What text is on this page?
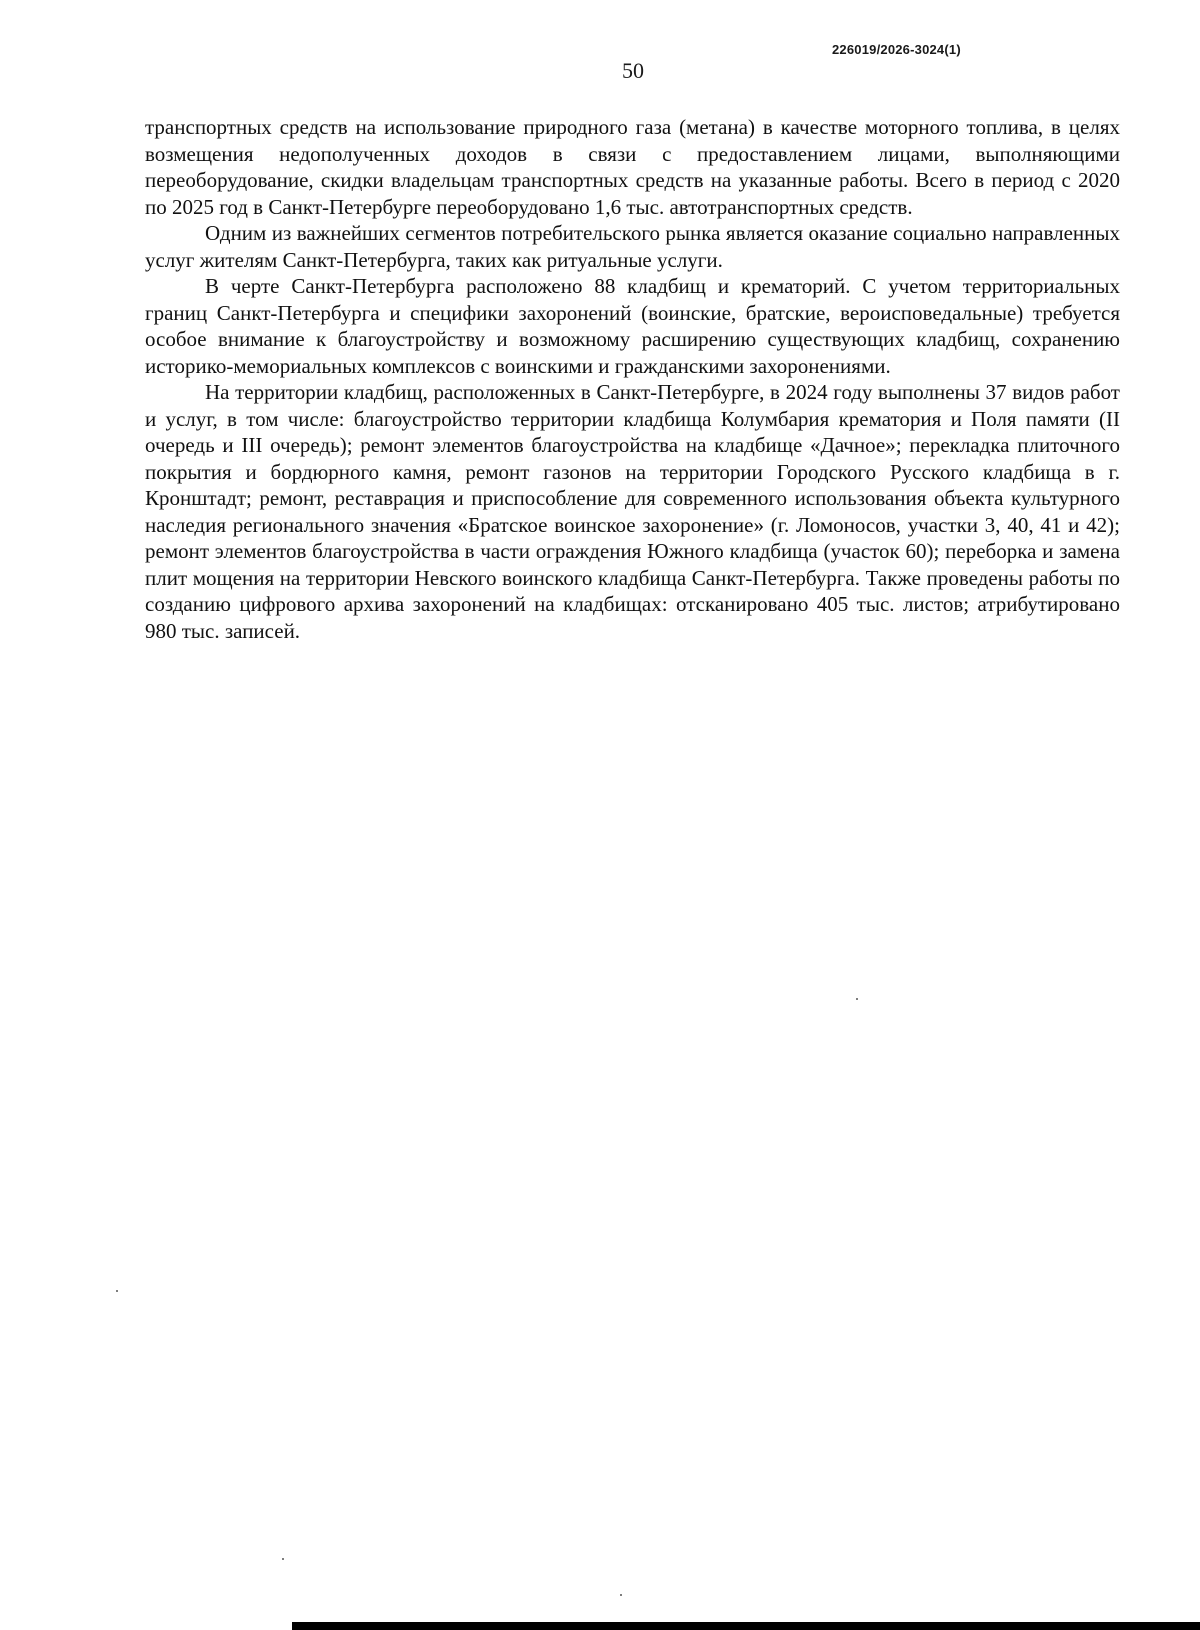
226019/2026-3024(1)
50

транспортных средств на использование природного газа (метана) в качестве моторного топлива, в целях возмещения недополученных доходов в связи с предоставлением лицами, выполняющими переоборудование, скидки владельцам транспортных средств на указанные работы. Всего в период с 2020 по 2025 год в Санкт-Петербурге переоборудовано 1,6 тыс. автотранспортных средств.

Одним из важнейших сегментов потребительского рынка является оказание социально направленных услуг жителям Санкт-Петербурга, таких как ритуальные услуги.

В черте Санкт-Петербурга расположено 88 кладбищ и крематорий. С учетом территориальных границ Санкт-Петербурга и специфики захоронений (воинские, братские, вероисповедальные) требуется особое внимание к благоустройству и возможному расширению существующих кладбищ, сохранению историко-мемориальных комплексов с воинскими и гражданскими захоронениями.

На территории кладбищ, расположенных в Санкт-Петербурге, в 2024 году выполнены 37 видов работ и услуг, в том числе: благоустройство территории кладбища Колумбария крематория и Поля памяти (II очередь и III очередь); ремонт элементов благоустройства на кладбище «Дачное»; перекладка плиточного покрытия и бордюрного камня, ремонт газонов на территории Городского Русского кладбища в г. Кронштадт; ремонт, реставрация и приспособление для современного использования объекта культурного наследия регионального значения «Братское воинское захоронение» (г. Ломоносов, участки 3, 40, 41 и 42); ремонт элементов благоустройства в части ограждения Южного кладбища (участок 60); переборка и замена плит мощения на территории Невского воинского кладбища Санкт-Петербурга. Также проведены работы по созданию цифрового архива захоронений на кладбищах: отсканировано 405 тыс. листов; атрибутировано 980 тыс. записей.
